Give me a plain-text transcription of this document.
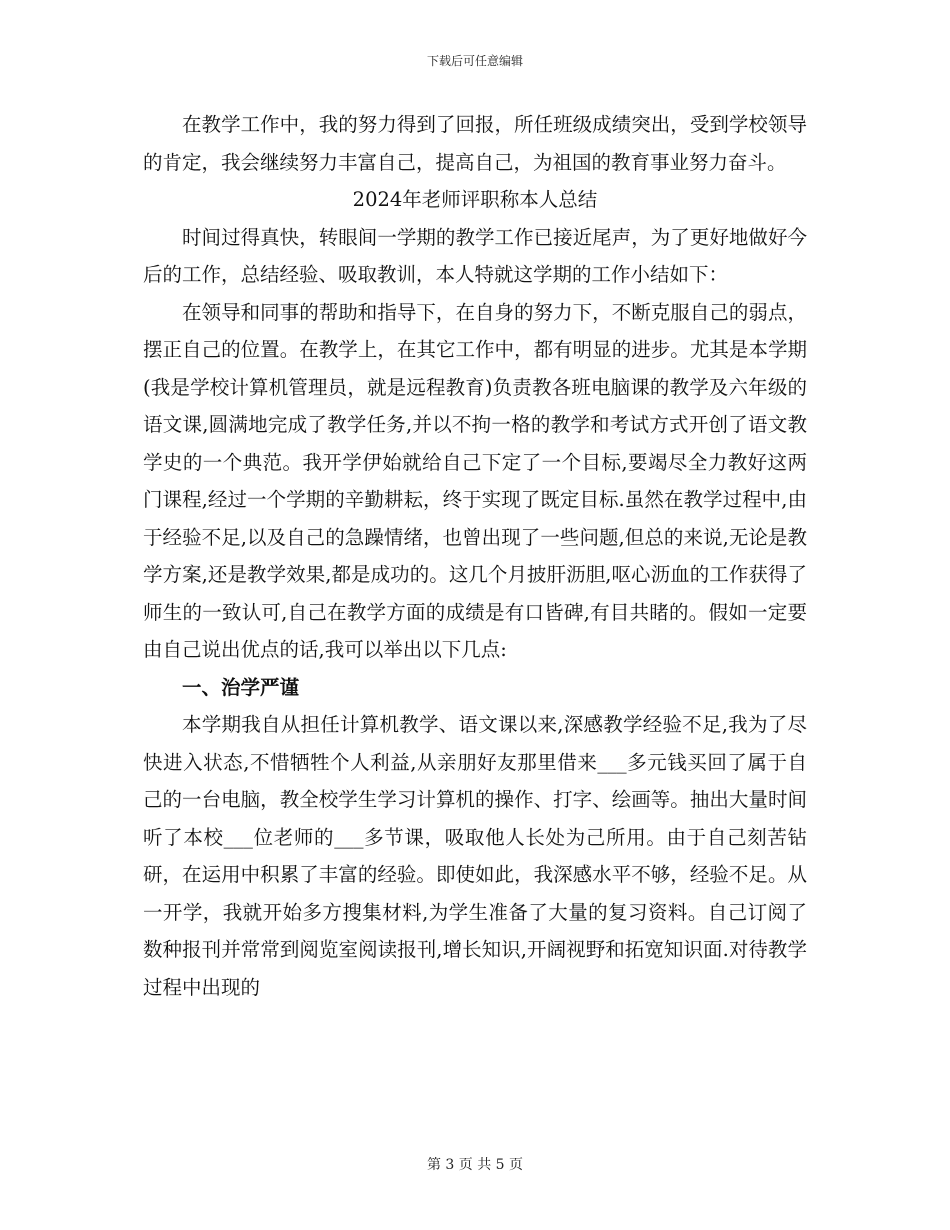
下载后可任意编辑

在教学工作中，我的努力得到了回报，所任班级成绩突出，受到学校领导的肯定，我会继续努力丰富自己，提高自己，为祖国的教育事业努力奋斗。

2024年老师评职称本人总结

时间过得真快，转眼间一学期的教学工作已接近尾声，为了更好地做好今后的工作，总结经验、吸取教训，本人特就这学期的工作小结如下：

在领导和同事的帮助和指导下，在自身的努力下，不断克服自己的弱点，摆正自己的位置。在教学上，在其它工作中，都有明显的进步。尤其是本学期(我是学校计算机管理员，就是远程教育)负责教各班电脑课的教学及六年级的语文课,圆满地完成了教学任务,并以不拘一格的教学和考试方式开创了语文教学史的一个典范。我开学伊始就给自己下定了一个目标,要竭尽全力教好这两门课程,经过一个学期的辛勤耕耘，终于实现了既定目标.虽然在教学过程中,由于经验不足,以及自己的急躁情绪，也曾出现了一些问题,但总的来说,无论是教学方案,还是教学效果,都是成功的。这几个月披肝沥胆,呕心沥血的工作获得了师生的一致认可,自己在教学方面的成绩是有口皆碑,有目共睹的。假如一定要由自己说出优点的话,我可以举出以下几点:

一、治学严谨

本学期我自从担任计算机教学、语文课以来,深感教学经验不足,我为了尽快进入状态,不惜牺牲个人利益,从亲朋好友那里借来___多元钱买回了属于自己的一台电脑，教全校学生学习计算机的操作、打字、绘画等。抽出大量时间听了本校___位老师的___多节课，吸取他人长处为己所用。由于自己刻苦钻研，在运用中积累了丰富的经验。即使如此，我深感水平不够，经验不足。从一开学，我就开始多方搜集材料,为学生准备了大量的复习资料。自己订阅了数种报刊并常常到阅览室阅读报刊,增长知识,开阔视野和拓宽知识面.对待教学过程中出现的

第 3 页 共 5 页
